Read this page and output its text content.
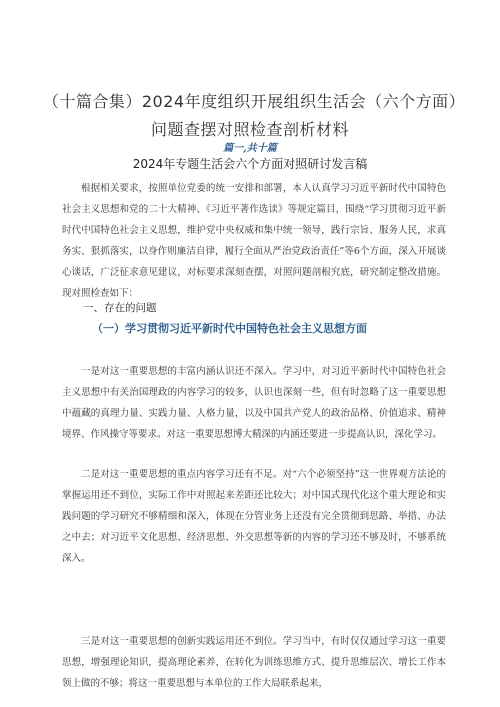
（十篇合集）2024年度组织开展组织生活会（六个方面）问题查摆对照检查剖析材料
篇一,共十篇
2024年专题生活会六个方面对照研讨发言稿

根据相关要求，按照单位党委的统一安排和部署，本人认真学习习近平新时代中国特色社会主义思想和党的二十大精神、《习近平著作选读》等规定篇目，围绕“学习贯彻习近平新时代中国特色社会主义思想，维护党中央权威和集中统一领导，践行宗旨、服务人民，求真务实、狠抓落实，以身作则廉洁自律，履行全面从严治党政治责任”等6个方面，深入开展谈心谈话，广泛征求意见建议，对标要求深刻查摆，对照问题剖根究底，研究制定整改措施。现对照检查如下：

一、存在的问题
（一）学习贯彻习近平新时代中国特色社会主义思想方面

一是对这一重要思想的丰富内涵认识还不深入。学习中，对习近平新时代中国特色社会主义思想中有关治国理政的内容学习的较多，认识也深刻一些，但有时忽略了这一重要思想中蕴藏的真理力量、实践力量、人格力量，以及中国共产党人的政治品格、价值追求、精神境界、作风操守等要求。对这一重要思想博大精深的内涵还要进一步提高认识，深化学习。

二是对这一重要思想的重点内容学习还有不足。对“六个必须坚持”这一世界观方法论的掌握运用还不到位，实际工作中对照起来差距还比较大；对中国式现代化这个重大理论和实践问题的学习研究不够精细和深入，体现在分管业务上还没有完全贯彻到思路、举措、办法之中去；对习近平文化思想、经济思想、外交思想等新的内容的学习还不够及时，不够系统深入。

三是对这一重要思想的创新实践运用还不到位。学习当中，有时仅仅通过学习这一重要思想，增强理论知识，提高理论素养，在转化为训练思维方式、提升思维层次、增长工作本领上做的不够；将这一重要思想与本单位的工作大局联系起来，
